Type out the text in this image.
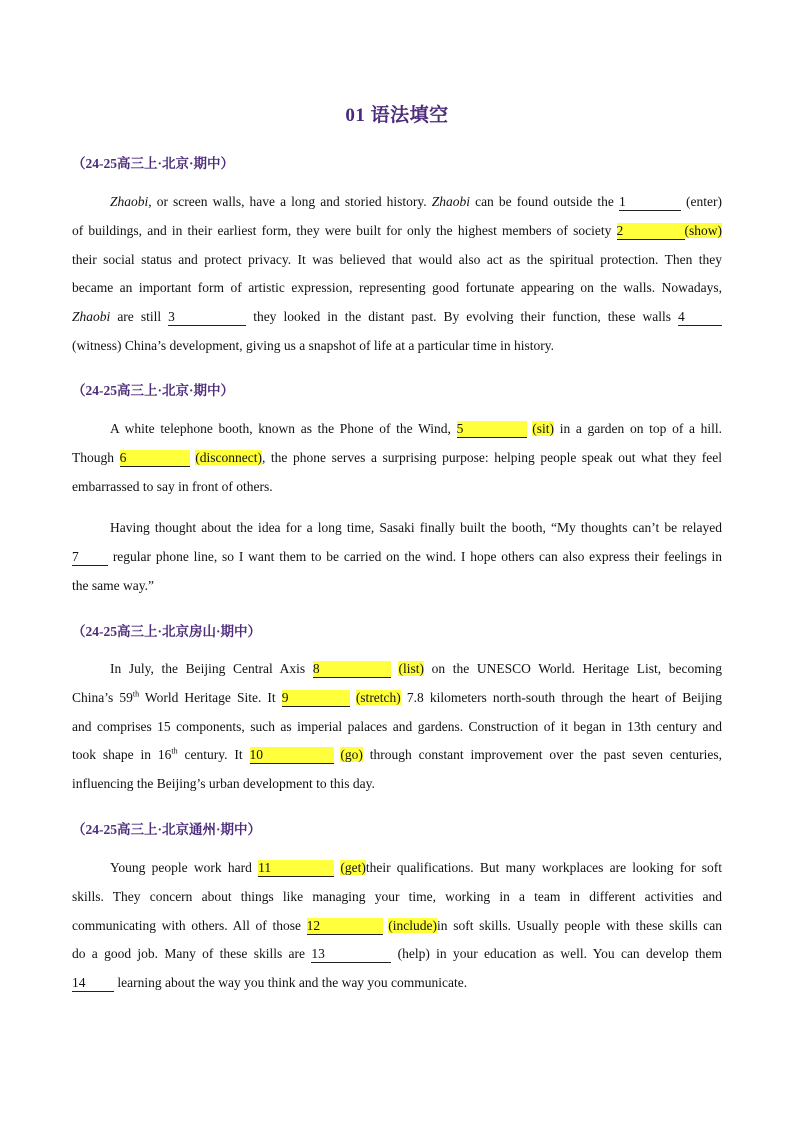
01 语法填空
（24-25高三上·北京·期中）
Zhaobi, or screen walls, have a long and storied history. Zhaobi can be found outside the 1	(enter)
of buildings, and in their earliest form, they were built for only the highest members of society 2	(show)
their social status and protect privacy. It was believed that would also act as the spiritual protection. Then they
became an important form of artistic expression, representing good fortunate appearing on the walls. Nowadays,
Zhaobi are still 3	they looked in the distant past. By evolving their function, these walls 4
(witness) China’s development, giving us a snapshot of life at a particular time in history.
（24-25高三上·北京·期中）
A white telephone booth, known as the Phone of the Wind, 5	(sit) in a garden on top of a hill.
Though 6	(disconnect), the phone serves a surprising purpose: helping people speak out what they feel
embarrassed to say in front of others.
Having thought about the idea for a long time, Sasaki finally built the booth, “My thoughts can’t be relayed
7	regular phone line, so I want them to be carried on the wind. I hope others can also express their feelings in
the same way.”
（24-25高三上·北京房山·期中）
In July, the Beijing Central Axis 8	(list) on the UNESCO World. Heritage List, becoming
China’s 59th World Heritage Site. It 9	(stretch) 7.8 kilometers north-south through the heart of Beijing
and comprises 15 components, such as imperial palaces and gardens. Construction of it began in 13th century and
took shape in 16th century. It 10	(go) through constant improvement over the past seven centuries,
influencing the Beijing’s urban development to this day.
（24-25高三上·北京通州·期中）
Young people work hard 11	(get)their qualifications. But many workplaces are looking for soft
skills. They concern about things like managing your time, working in a team in different activities and
communicating with others. All of those 12	(include)in soft skills. Usually people with these skills can
do a good job. Many of these skills are 13	(help) in your education as well. You can develop them
14 learning about the way you think and the way you communicate.
